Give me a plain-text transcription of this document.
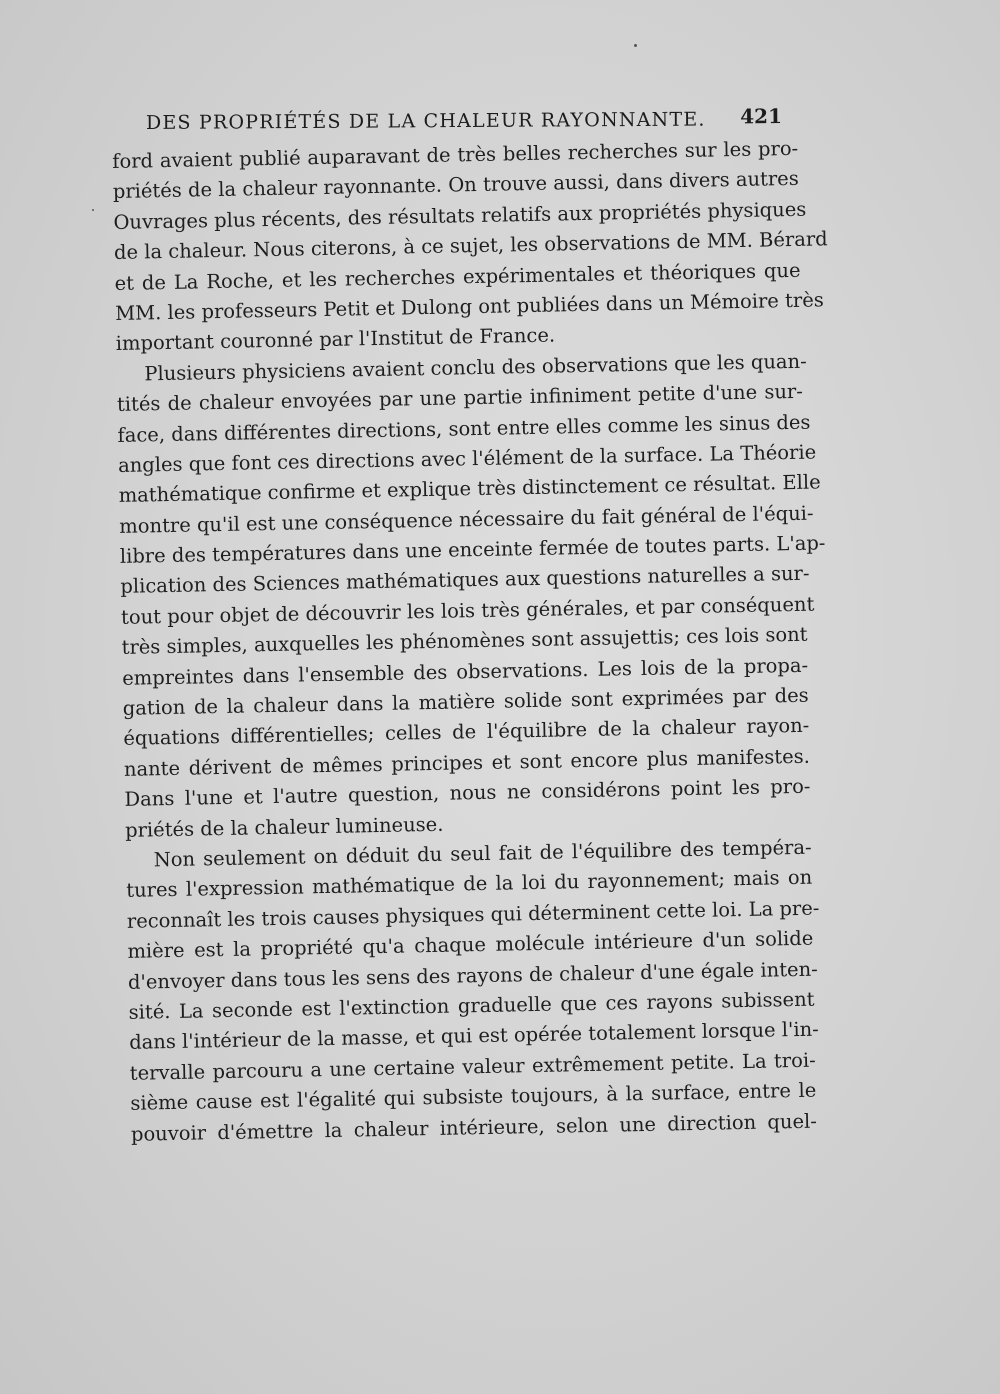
DES PROPRIÉTÉS DE LA CHALEUR RAYONNANTE. 421
ford avaient publié auparavant de très belles recherches sur les pro-
priétés de la chaleur rayonnante. On trouve aussi, dans divers autres
Ouvrages plus récents, des résultats relatifs aux propriétés physiques
de la chaleur. Nous citerons, à ce sujet, les observations de MM. Bérard
et de La Roche, et les recherches expérimentales et théoriques que
MM. les professeurs Petit et Dulong ont publiées dans un Mémoire très
important couronné par l'Institut de France.
Plusieurs physiciens avaient conclu des observations que les quan-
tités de chaleur envoyées par une partie infiniment petite d'une sur-
face, dans différentes directions, sont entre elles comme les sinus des
angles que font ces directions avec l'élément de la surface. La Théorie
mathématique confirme et explique très distinctement ce résultat. Elle
montre qu'il est une conséquence nécessaire du fait général de l'équi-
libre des températures dans une enceinte fermée de toutes parts. L'ap-
plication des Sciences mathématiques aux questions naturelles a sur-
tout pour objet de découvrir les lois très générales, et par conséquent
très simples, auxquelles les phénomènes sont assujettis; ces lois sont
empreintes dans l'ensemble des observations. Les lois de la propa-
gation de la chaleur dans la matière solide sont exprimées par des
équations différentielles; celles de l'équilibre de la chaleur rayon-
nante dérivent de mêmes principes et sont encore plus manifestes.
Dans l'une et l'autre question, nous ne considérons point les pro-
priétés de la chaleur lumineuse.
Non seulement on déduit du seul fait de l'équilibre des tempéra-
tures l'expression mathématique de la loi du rayonnement; mais on
reconnaît les trois causes physiques qui déterminent cette loi. La pre-
mière est la propriété qu'a chaque molécule intérieure d'un solide
d'envoyer dans tous les sens des rayons de chaleur d'une égale inten-
sité. La seconde est l'extinction graduelle que ces rayons subissent
dans l'intérieur de la masse, et qui est opérée totalement lorsque l'in-
tervalle parcouru a une certaine valeur extrêmement petite. La troi-
sième cause est l'égalité qui subsiste toujours, à la surface, entre le
pouvoir d'émettre la chaleur intérieure, selon une direction quel-
